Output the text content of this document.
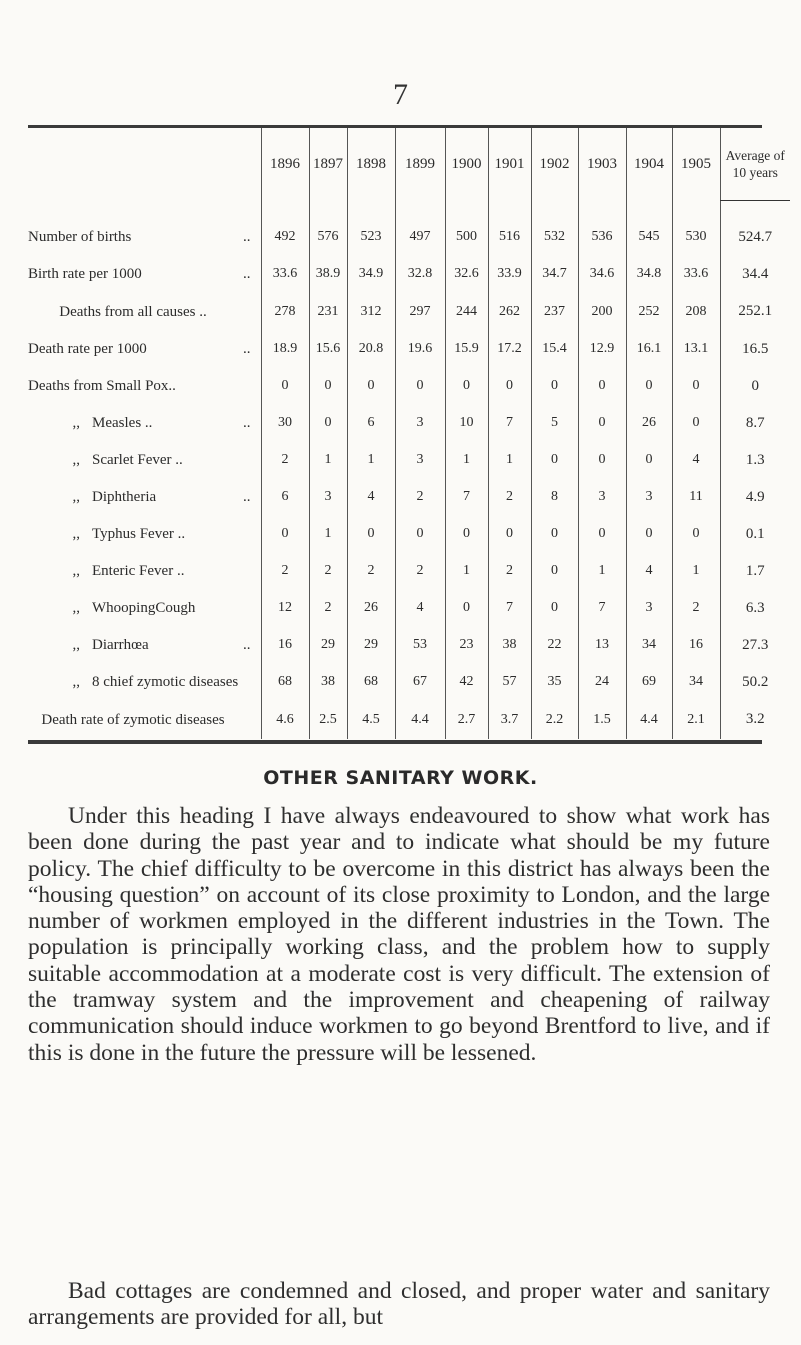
7
	1896	1897	1898	1899	1900	1901	1902	1903	1904	1905	Average of 10 years

Number of births ..	492	576	523	497	500	516	532	536	545	530	524.7
Birth rate per 1000 ..	33.6	38.9	34.9	32.8	32.6	33.9	34.7	34.6	34.8	33.6	34.4
Deaths from all causes ..	278	231	312	297	244	262	237	200	252	208	252.1
Death rate per 1000 ..	18.9	15.6	20.8	19.6	15.9	17.2	15.4	12.9	16.1	13.1	16.5
Deaths from Small Pox..	0	0	0	0	0	0	0	0	0	0	0
,, Measles .. ..	30	0	6	3	10	7	5	0	26	0	8.7
,, Scarlet Fever ..	2	1	1	3	1	1	0	0	0	4	1.3
,, Diphtheria ..	6	3	4	2	7	2	8	3	3	11	4.9
,, Typhus Fever ..	0	1	0	0	0	0	0	0	0	0	0.1
,, Enteric Fever ..	2	2	2	2	1	2	0	1	4	1	1.7
,, WhoopingCough	12	2	26	4	0	7	0	7	3	2	6.3
,, Diarrhœa ..	16	29	29	53	23	38	22	13	34	16	27.3
,, 8 chief zymotic diseases	68	38	68	67	42	57	35	24	69	34	50.2
Death rate of zymotic diseases	4.6	2.5	4.5	4.4	2.7	3.7	2.2	1.5	4.4	2.1	3.2
OTHER SANITARY WORK.

Under this heading I have always endeavoured to show what work has been done during the past year and to indicate what should be my future policy. The chief difficulty to be overcome in this district has always been the “housing question” on account of its close proximity to London, and the large number of workmen employed in the different industries in the Town. The population is principally working class, and the problem how to supply suitable accommodation at a moderate cost is very difficult. The extension of the tramway system and the improvement and cheapening of railway communication should induce workmen to go beyond Brentford to live, and if this is done in the future the pressure will be lessened.

Bad cottages are condemned and closed, and proper water and sanitary arrangements are provided for all, but
